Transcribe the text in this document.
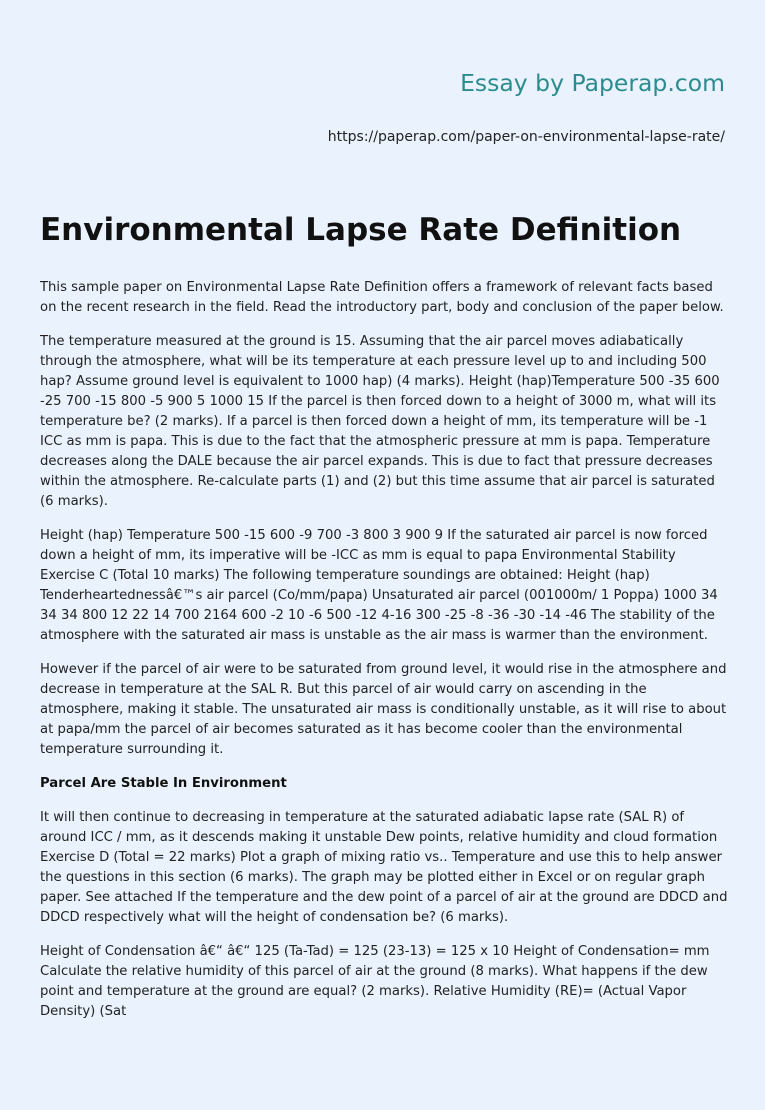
Essay by Paperap.com
https://paperap.com/paper-on-environmental-lapse-rate/
Environmental Lapse Rate Definition

This sample paper on Environmental Lapse Rate Definition offers a framework of relevant facts based on the recent research in the field. Read the introductory part, body and conclusion of the paper below.

The temperature measured at the ground is 15. Assuming that the air parcel moves adiabatically through the atmosphere, what will be its temperature at each pressure level up to and including 500 hap? Assume ground level is equivalent to 1000 hap) (4 marks). Height (hap)Temperature 500 -35 600 -25 700 -15 800 -5 900 5 1000 15 If the parcel is then forced down to a height of 3000 m, what will its temperature be? (2 marks). If a parcel is then forced down a height of mm, its temperature will be -1 ICC as mm is papa. This is due to the fact that the atmospheric pressure at mm is papa. Temperature decreases along the DALE because the air parcel expands. This is due to fact that pressure decreases within the atmosphere. Re-calculate parts (1) and (2) but this time assume that air parcel is saturated (6 marks).

Height (hap) Temperature 500 -15 600 -9 700 -3 800 3 900 9 If the saturated air parcel is now forced down a height of mm, its imperative will be -ICC as mm is equal to papa Environmental Stability Exercise C (Total 10 marks) The following temperature soundings are obtained: Height (hap) Tenderheartednessâ€™s air parcel (Co/mm/papa) Unsaturated air parcel (001000m/ 1 Poppa) 1000 34 34 34 800 12 22 14 700 2164 600 -2 10 -6 500 -12 4-16 300 -25 -8 -36 -30 -14 -46 The stability of the atmosphere with the saturated air mass is unstable as the air mass is warmer than the environment.

However if the parcel of air were to be saturated from ground level, it would rise in the atmosphere and decrease in temperature at the SAL R. But this parcel of air would carry on ascending in the atmosphere, making it stable. The unsaturated air mass is conditionally unstable, as it will rise to about at papa/mm the parcel of air becomes saturated as it has become cooler than the environmental temperature surrounding it.

Parcel Are Stable In Environment

It will then continue to decreasing in temperature at the saturated adiabatic lapse rate (SAL R) of around ICC / mm, as it descends making it unstable Dew points, relative humidity and cloud formation Exercise D (Total = 22 marks) Plot a graph of mixing ratio vs.. Temperature and use this to help answer the questions in this section (6 marks). The graph may be plotted either in Excel or on regular graph paper. See attached If the temperature and the dew point of a parcel of air at the ground are DDCD and DDCD respectively what will the height of condensation be? (6 marks).

Height of Condensation â€“ â€“ 125 (Ta-Tad) = 125 (23-13) = 125 x 10 Height of Condensation= mm Calculate the relative humidity of this parcel of air at the ground (8 marks). What happens if the dew point and temperature at the ground are equal? (2 marks). Relative Humidity (RE)= (Actual Vapor Density) (Sat
